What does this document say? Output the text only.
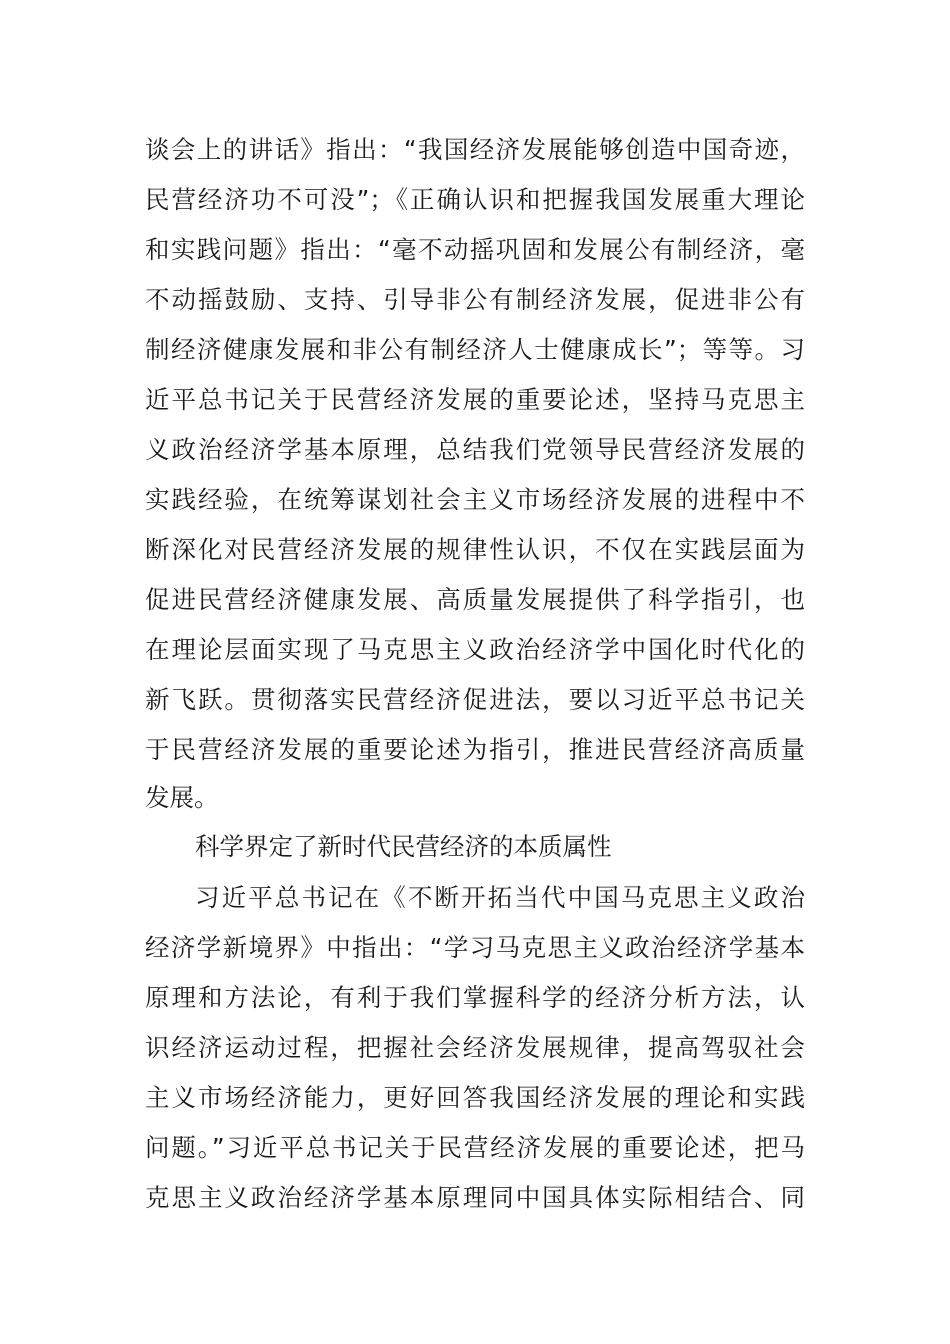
谈会上的讲话》指出：“我国经济发展能够创造中国奇迹，
民营经济功不可没”；《正确认识和把握我国发展重大理论
和实践问题》指出：“毫不动摇巩固和发展公有制经济，毫
不动摇鼓励、支持、引导非公有制经济发展，促进非公有
制经济健康发展和非公有制经济人士健康成长”；等等。习
近平总书记关于民营经济发展的重要论述，坚持马克思主
义政治经济学基本原理，总结我们党领导民营经济发展的
实践经验，在统筹谋划社会主义市场经济发展的进程中不
断深化对民营经济发展的规律性认识，不仅在实践层面为
促进民营经济健康发展、高质量发展提供了科学指引，也
在理论层面实现了马克思主义政治经济学中国化时代化的
新飞跃。贯彻落实民营经济促进法，要以习近平总书记关
于民营经济发展的重要论述为指引，推进民营经济高质量
发展。
科学界定了新时代民营经济的本质属性
习近平总书记在《不断开拓当代中国马克思主义政治
经济学新境界》中指出：“学习马克思主义政治经济学基本
原理和方法论，有利于我们掌握科学的经济分析方法，认
识经济运动过程，把握社会经济发展规律，提高驾驭社会
主义市场经济能力，更好回答我国经济发展的理论和实践
问题。”习近平总书记关于民营经济发展的重要论述，把马
克思主义政治经济学基本原理同中国具体实际相结合、同
